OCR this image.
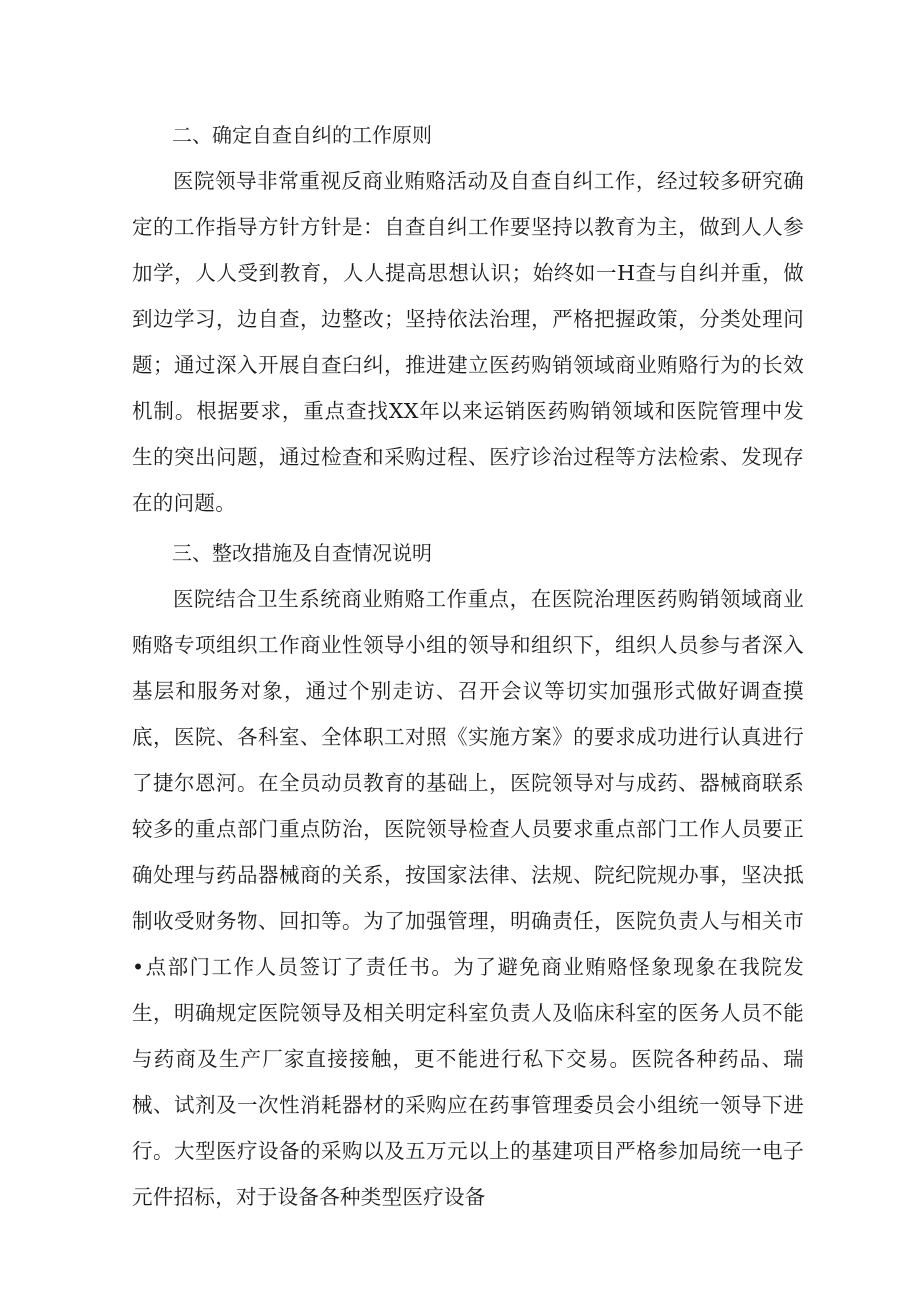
二、确定自查自纠的工作原则

医院领导非常重视反商业贿赂活动及自查自纠工作，经过较多研究确定的工作指导方针方针是：自查自纠工作要坚持以教育为主，做到人人参加学，人人受到教育，人人提高思想认识；始终如一H查与自纠并重，做到边学习，边自查，边整改；坚持依法治理，严格把握政策，分类处理问题；通过深入开展自查臼纠，推进建立医药购销领域商业贿赂行为的长效机制。根据要求，重点查找XX年以来运销医药购销领域和医院管理中发生的突出问题，通过检查和采购过程、医疗诊治过程等方法检索、发现存在的问题。

三、整改措施及自查情况说明

医院结合卫生系统商业贿赂工作重点，在医院治理医药购销领域商业贿赂专项组织工作商业性领导小组的领导和组织下，组织人员参与者深入基层和服务对象，通过个别走访、召开会议等切实加强形式做好调查摸底，医院、各科室、全体职工对照《实施方案》的要求成功进行认真进行了捷尔恩河。在全员动员教育的基础上，医院领导对与成药、器械商联系较多的重点部门重点防治，医院领导检查人员要求重点部门工作人员要正确处理与药品器械商的关系，按国家法律、法规、院纪院规办事，坚决抵制收受财务物、回扣等。为了加强管理，明确责任，医院负责人与相关市•点部门工作人员签订了责任书。为了避免商业贿赂怪象现象在我院发生，明确规定医院领导及相关明定科室负责人及临床科室的医务人员不能与药商及生产厂家直接接触，更不能进行私下交易。医院各种药品、瑞械、试剂及一次性消耗器材的采购应在药事管理委员会小组统一领导下进行。大型医疗设备的采购以及五万元以上的基建项目严格参加局统一电子元件招标，对于设备各种类型医疗设备
